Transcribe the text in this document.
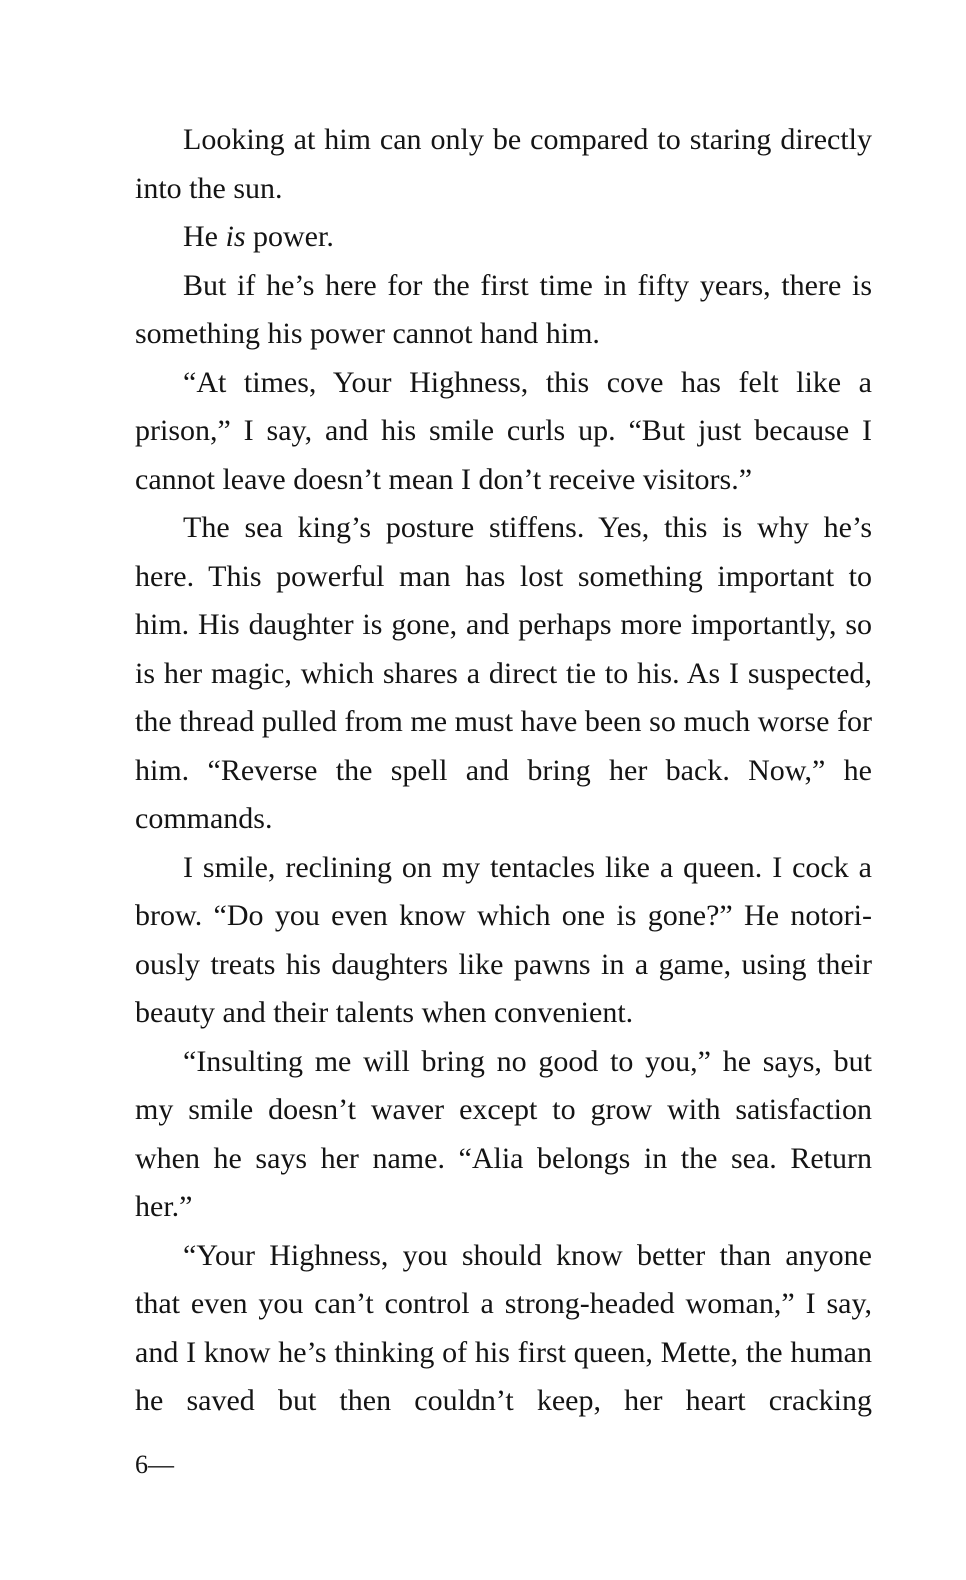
Looking at him can only be compared to staring directly into the sun.

He is power.

But if he’s here for the first time in fifty years, there is something his power cannot hand him.

“At times, Your Highness, this cove has felt like a prison,” I say, and his smile curls up. “But just because I cannot leave doesn’t mean I don’t receive visitors.”

The sea king’s posture stiffens. Yes, this is why he’s here. This powerful man has lost something important to him. His daughter is gone, and perhaps more importantly, so is her magic, which shares a direct tie to his. As I suspected, the thread pulled from me must have been so much worse for him. “Reverse the spell and bring her back. Now,” he commands.

I smile, reclining on my tentacles like a queen. I cock a brow. “Do you even know which one is gone?” He notoriously treats his daughters like pawns in a game, using their beauty and their talents when convenient.

“Insulting me will bring no good to you,” he says, but my smile doesn’t waver except to grow with satisfaction when he says her name. “Alia belongs in the sea. Return her.”

“Your Highness, you should know better than anyone that even you can’t control a strong-headed woman,” I say, and I know he’s thinking of his first queen, Mette, the human he saved but then couldn’t keep, her heart cracking

6—
